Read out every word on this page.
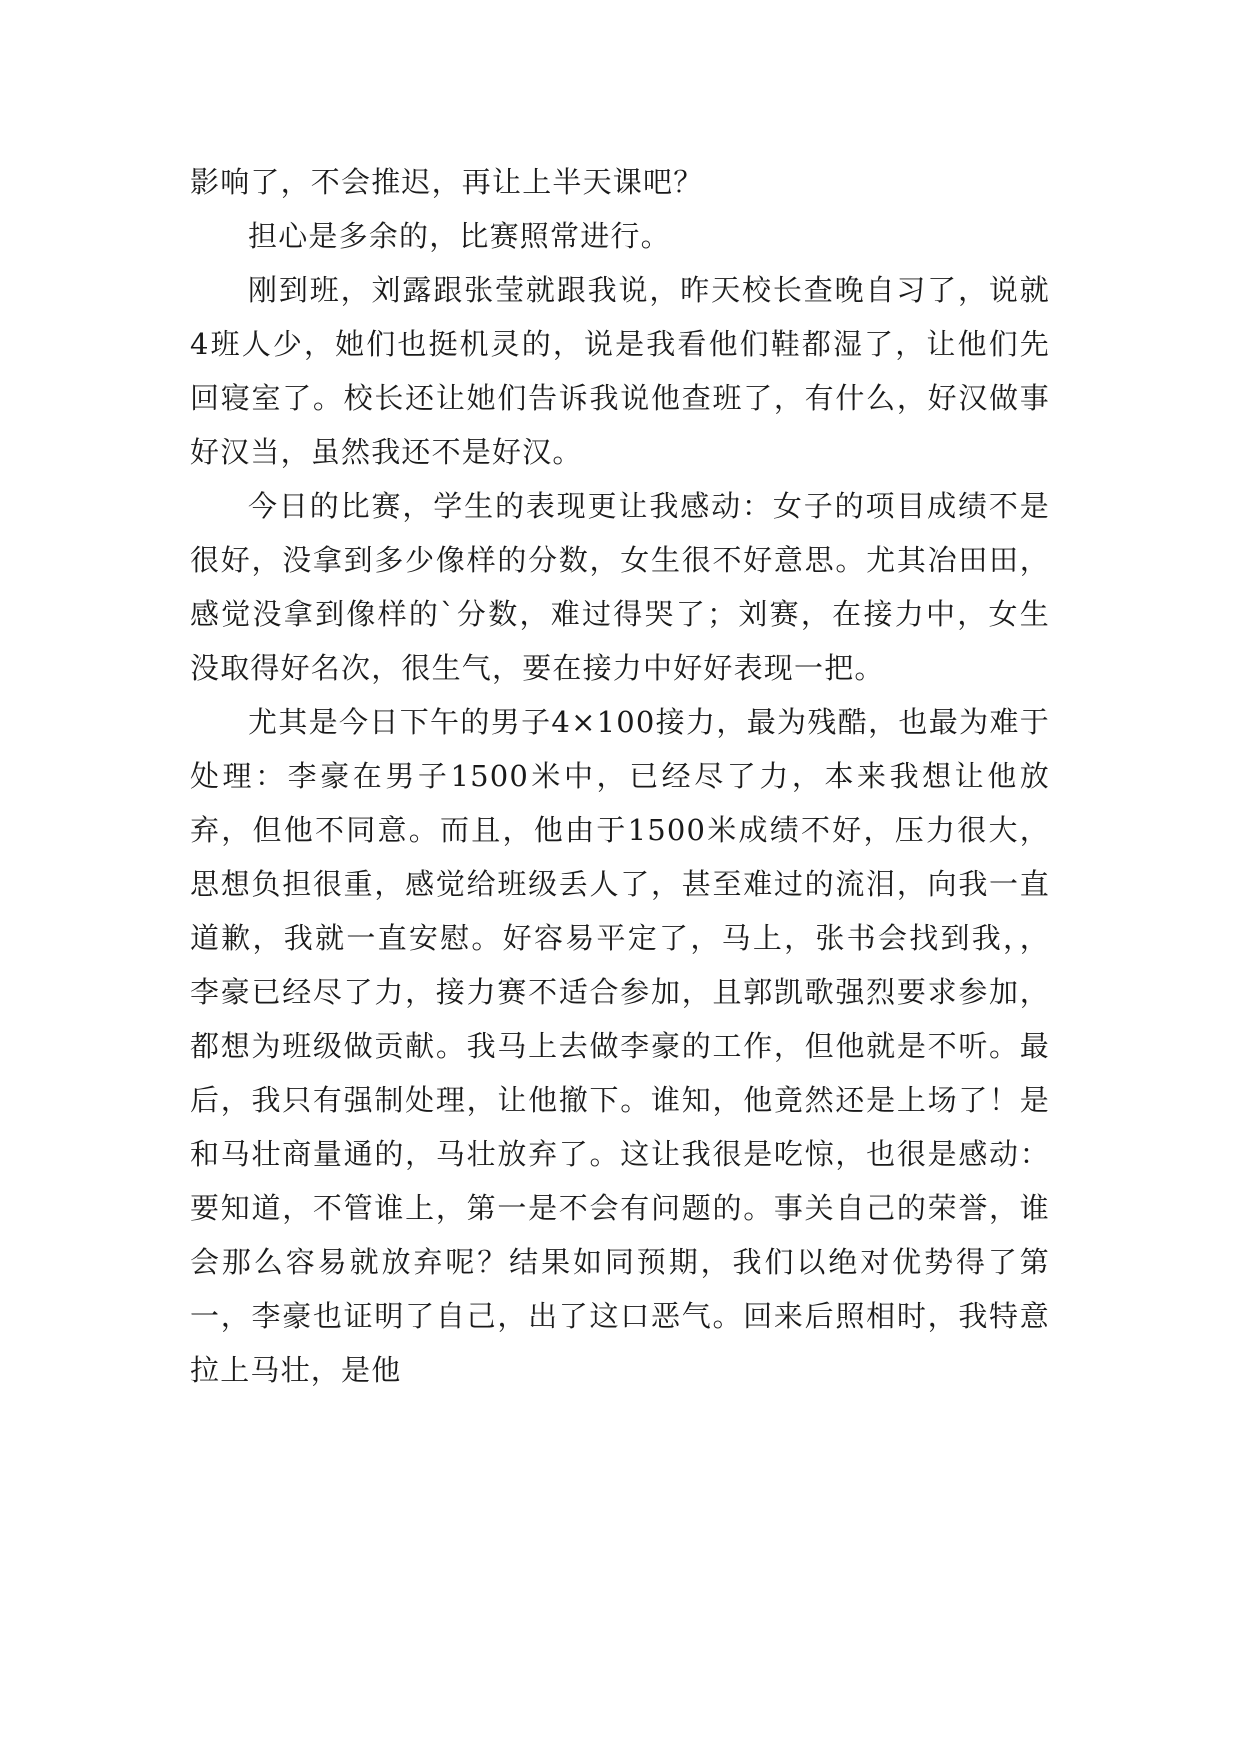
影响了，不会推迟，再让上半天课吧？

担心是多余的，比赛照常进行。

刚到班，刘露跟张莹就跟我说，昨天校长查晚自习了，说就4班人少，她们也挺机灵的，说是我看他们鞋都湿了，让他们先回寝室了。校长还让她们告诉我说他查班了，有什么，好汉做事好汉当，虽然我还不是好汉。

今日的比赛，学生的表现更让我感动：女子的项目成绩不是很好，没拿到多少像样的分数，女生很不好意思。尤其冶田田，感觉没拿到像样的`分数，难过得哭了；刘赛，在接力中，女生没取得好名次，很生气，要在接力中好好表现一把。

尤其是今日下午的男子4×100接力，最为残酷，也最为难于处理：李豪在男子1500米中，已经尽了力，本来我想让他放弃，但他不同意。而且，他由于1500米成绩不好，压力很大，思想负担很重，感觉给班级丢人了，甚至难过的流泪，向我一直道歉，我就一直安慰。好容易平定了，马上，张书会找到我，，李豪已经尽了力，接力赛不适合参加，且郭凯歌强烈要求参加，都想为班级做贡献。我马上去做李豪的工作，但他就是不听。最后，我只有强制处理，让他撤下。谁知，他竟然还是上场了！是和马壮商量通的，马壮放弃了。这让我很是吃惊，也很是感动：要知道，不管谁上，第一是不会有问题的。事关自己的荣誉，谁会那么容易就放弃呢？结果如同预期，我们以绝对优势得了第一，李豪也证明了自己，出了这口恶气。回来后照相时，我特意拉上马壮，是他
